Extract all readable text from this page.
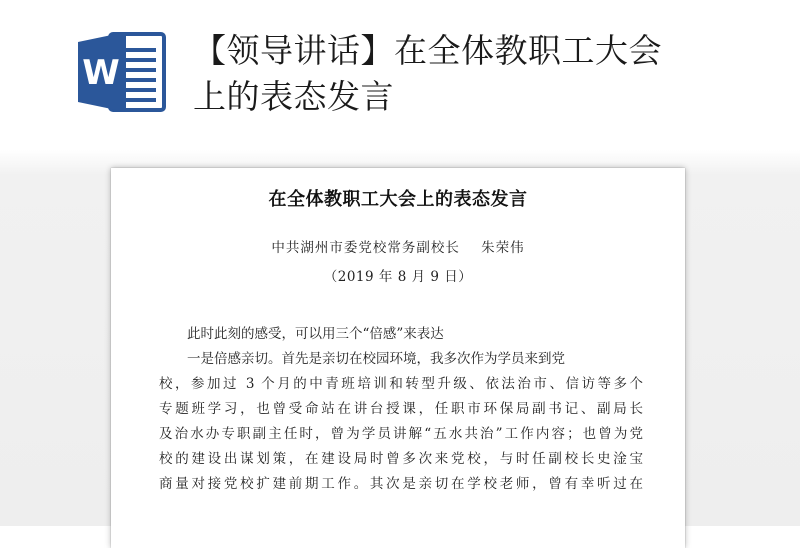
W
【领导讲话】在全体教职工大会
上的表态发言
在全体教职工大会上的表态发言
中共湖州市委党校常务副校长    朱荣伟
（2019 年 8 月 9 日）

此时此刻的感受，可以用三个“倍感”来表达

一是倍感亲切。首先是亲切在校园环境，我多次作为学员来到党

校，参加过 3 个月的中青班培训和转型升级、依法治市、信访等多个

专题班学习，也曾受命站在讲台授课，任职市环保局副书记、副局长

及治水办专职副主任时，曾为学员讲解“五水共治”工作内容；也曾为党

校的建设出谋划策，在建设局时曾多次来党校，与时任副校长史淦宝

商量对接党校扩建前期工作。其次是亲切在学校老师，曾有幸听过在
